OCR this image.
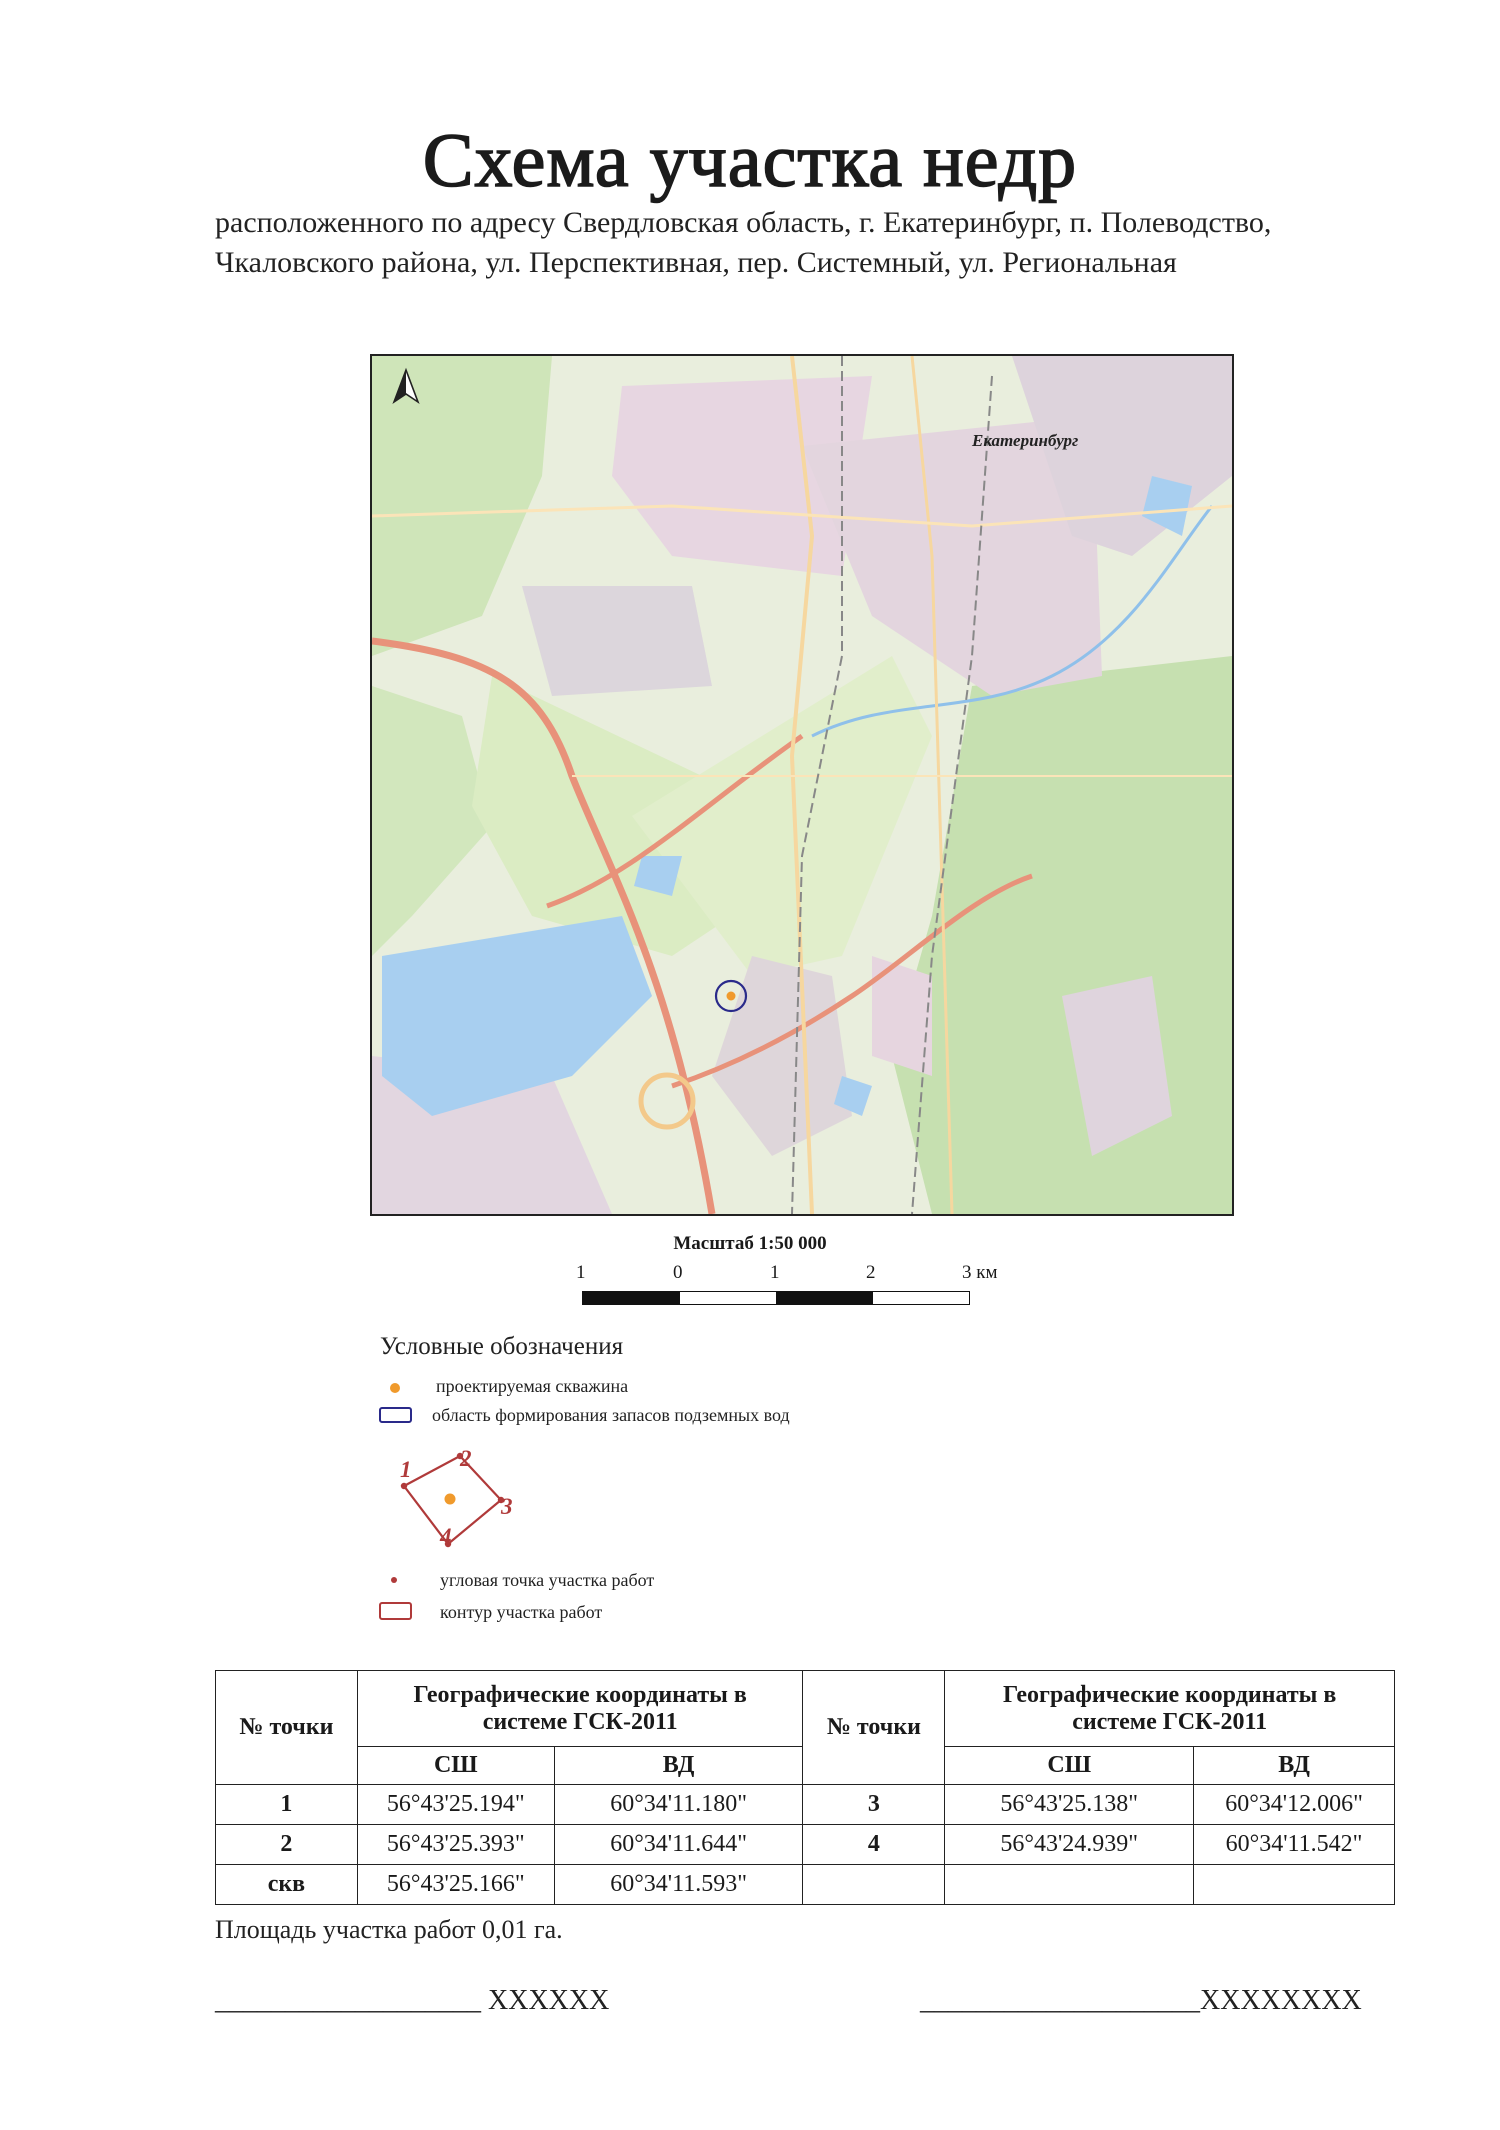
Схема участка недр
расположенного по адресу Свердловская область, г. Екатеринбург, п. Полеводство,
Чкаловского района, ул. Перспективная, пер. Системный, ул. Региональная
Екатеринбург
Масштаб 1:50 000
1	0	1	2	3 км
Условные обозначения
проектируемая скважина
область формирования запасов подземных вод
1 2
3
4
угловая точка участка работ
контур участка работ
№ точки	Географические координаты в системе ГСК-2011		№ точки	Географические координаты в системе ГСК-2011	
	СШ	ВД		СШ	ВД
1	56°43'25.194"	60°34'11.180"	3	56°43'25.138"	60°34'12.006"
2	56°43'25.393"	60°34'11.644"	4	56°43'24.939"	60°34'11.542"
скв	56°43'25.166"	60°34'11.593"			
Площадь участка работ 0,01 га.
___________________ XXXXXX	____________________XXXXXXXX
